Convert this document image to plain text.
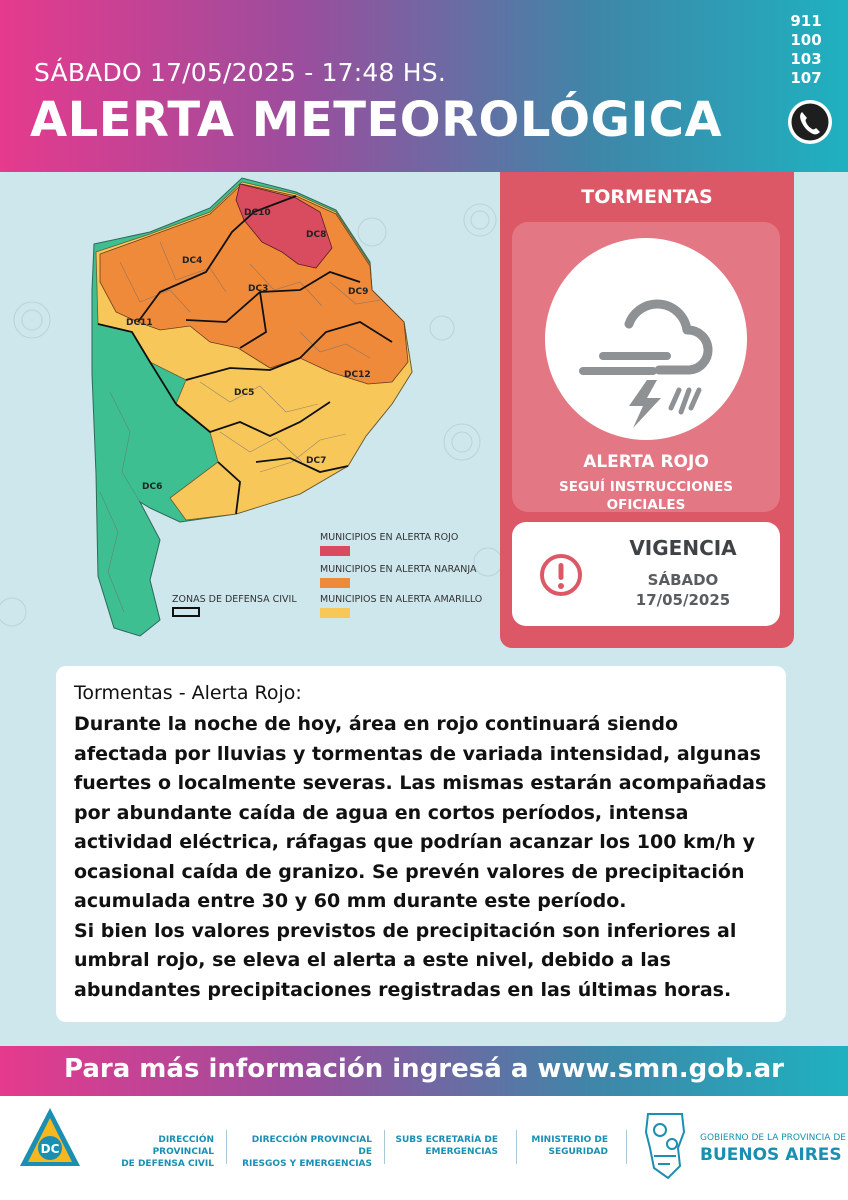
SÁBADO 17/05/2025 - 17:48 HS.
ALERTA METEOROLÓGICA
911
100
103
107
DC10
DC8
DC4
DC3	DC9
DC11
DC12
DC5
DC7
DC6
MUNICIPIOS EN ALERTA ROJO
MUNICIPIOS EN ALERTA NARANJA
MUNICIPIOS EN ALERTA AMARILLO
ZONAS DE DEFENSA CIVIL
TORMENTAS
ALERTA ROJO
SEGUÍ INSTRUCCIONES OFICIALES
VIGENCIA
SÁBADO
17/05/2025
Tormentas - Alerta Rojo:
Durante la noche de hoy, área en rojo continuará siendo afectada por lluvias y tormentas de variada intensidad, algunas fuertes o localmente severas. Las mismas estarán acompañadas por abundante caída de agua en cortos períodos, intensa actividad eléctrica, ráfagas que podrían acanzar los 100 km/h y ocasional caída de granizo. Se prevén valores de precipitación acumulada entre 30 y 60 mm durante este período.
Si bien los valores previstos de precipitación son inferiores al umbral rojo, se eleva el alerta a este nivel, debido a las abundantes precipitaciones registradas en las últimas horas.
Para más información ingresá a www.smn.gob.ar
DC
DIRECCIÓN PROVINCIAL
DE DEFENSA CIVIL
DIRECCIÓN PROVINCIAL DE
RIESGOS Y EMERGENCIAS
SUBS ECRETARÍA DE
EMERGENCIAS
MINISTERIO DE
SEGURIDAD
GOBIERNO DE LA PROVINCIA DE
BUENOS AIRES
